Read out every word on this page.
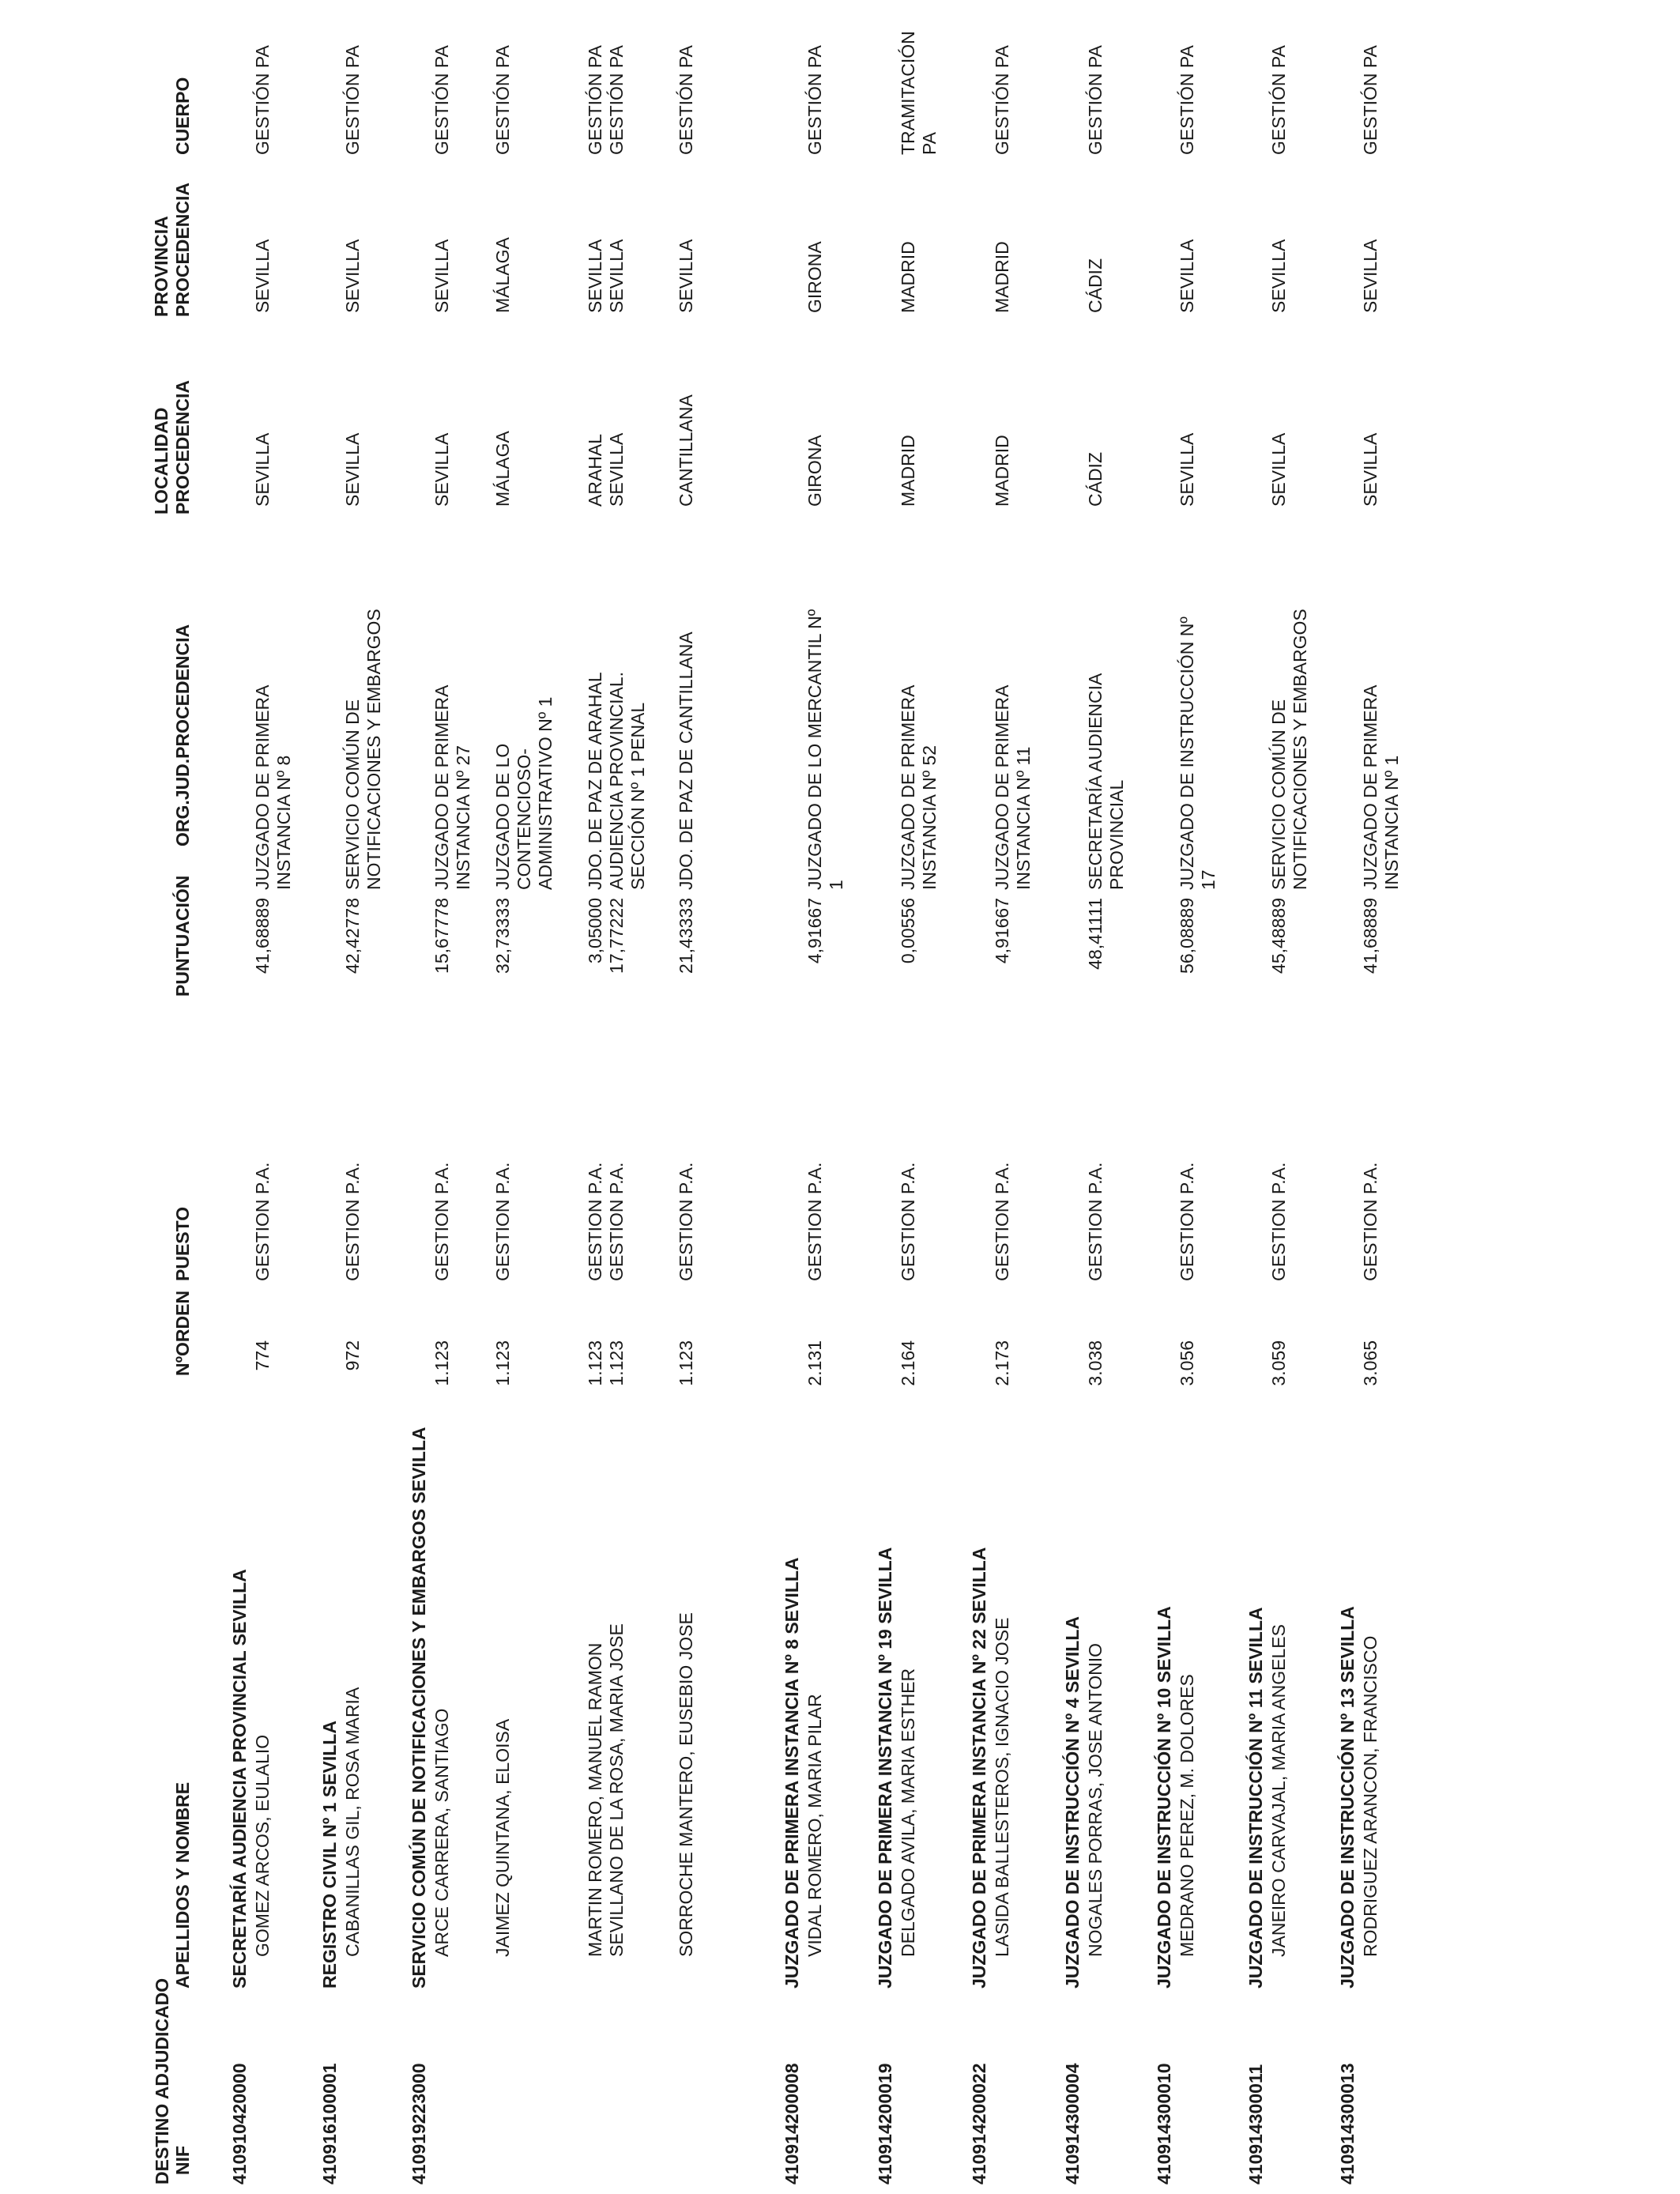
DESTINO ADJUDICADO NIF
APELLIDOS Y NOMBRE
NºORDEN
PUESTO
PUNTUACIÓN
ORG.JUD.PROCEDENCIA
LOCALIDAD PROCEDENCIA
PROVINCIA PROCEDENCIA
CUERPO
410910420000
SECRETARÍA AUDIENCIA PROVINCIAL SEVILLA GOMEZ ARCOS, EULALIO
774
GESTION P.A.
41,68889
JUZGADO DE PRIMERA
INSTANCIA Nº 8
SEVILLA
SEVILLA
GESTIÓN PA
410916100001
REGISTRO CIVIL Nº 1 SEVILLA CABANILLAS GIL, ROSA MARIA
972
GESTION P.A.
42,42778
SERVICIO COMÚN DE
NOTIFICACIONES Y EMBARGOS
SEVILLA
SEVILLA
GESTIÓN PA
410919223000
SERVICIO COMÚN DE NOTIFICACIONES Y EMBARGOS SEVILLA ARCE CARRERA, SANTIAGO
1.123
GESTION P.A.
15,67778
JUZGADO DE PRIMERA
INSTANCIA Nº 27
SEVILLA
SEVILLA
GESTIÓN PA
JAIMEZ QUINTANA, ELOISA
1.123
GESTION P.A.
32,73333
JUZGADO DE LO
CONTENCIOSO-
ADMINISTRATIVO Nº 1
MÁLAGA
MÁLAGA
GESTIÓN PA
MARTIN ROMERO, MANUEL RAMON
1.123
GESTION P.A.
3,05000
JDO. DE PAZ DE ARAHAL
ARAHAL
SEVILLA
GESTIÓN PA
SEVILLANO DE LA ROSA, MARIA JOSE
1.123
GESTION P.A.
17,77222
AUDIENCIA PROVINCIAL.
SECCIÓN Nº 1 PENAL
SEVILLA
SEVILLA
GESTIÓN PA
SORROCHE MANTERO, EUSEBIO JOSE
1.123
GESTION P.A.
21,43333
JDO. DE PAZ DE CANTILLANA
CANTILLANA
SEVILLA
GESTIÓN PA
410914200008
JUZGADO DE PRIMERA INSTANCIA Nº 8 SEVILLA VIDAL ROMERO, MARIA PILAR
2.131
GESTION P.A.
4,91667
JUZGADO DE LO MERCANTIL Nº
1
GIRONA
GIRONA
GESTIÓN PA
410914200019
JUZGADO DE PRIMERA INSTANCIA Nº 19 SEVILLA DELGADO AVILA, MARIA ESTHER
2.164
GESTION P.A.
0,00556
JUZGADO DE PRIMERA
INSTANCIA Nº 52
MADRID
MADRID
TRAMITACIÓN
PA
410914200022
JUZGADO DE PRIMERA INSTANCIA Nº 22 SEVILLA LASIDA BALLESTEROS, IGNACIO JOSE
2.173
GESTION P.A.
4,91667
JUZGADO DE PRIMERA
INSTANCIA Nº 11
MADRID
MADRID
GESTIÓN PA
410914300004
JUZGADO DE INSTRUCCIÓN Nº 4 SEVILLA NOGALES PORRAS, JOSE ANTONIO
3.038
GESTION P.A.
48,41111
SECRETARÍA AUDIENCIA
PROVINCIAL
CÁDIZ
CÁDIZ
GESTIÓN PA
410914300010
JUZGADO DE INSTRUCCIÓN Nº 10 SEVILLA MEDRANO PEREZ, M. DOLORES
3.056
GESTION P.A.
56,08889
JUZGADO DE INSTRUCCIÓN Nº
17
SEVILLA
SEVILLA
GESTIÓN PA
410914300011
JUZGADO DE INSTRUCCIÓN Nº 11 SEVILLA JANEIRO CARVAJAL, MARIA ANGELES
3.059
GESTION P.A.
45,48889
SERVICIO COMÚN DE
NOTIFICACIONES Y EMBARGOS
SEVILLA
SEVILLA
GESTIÓN PA
410914300013
JUZGADO DE INSTRUCCIÓN Nº 13 SEVILLA RODRIGUEZ ARANCON, FRANCISCO
3.065
GESTION P.A.
41,68889
JUZGADO DE PRIMERA
INSTANCIA Nº 1
SEVILLA
SEVILLA
GESTIÓN PA
